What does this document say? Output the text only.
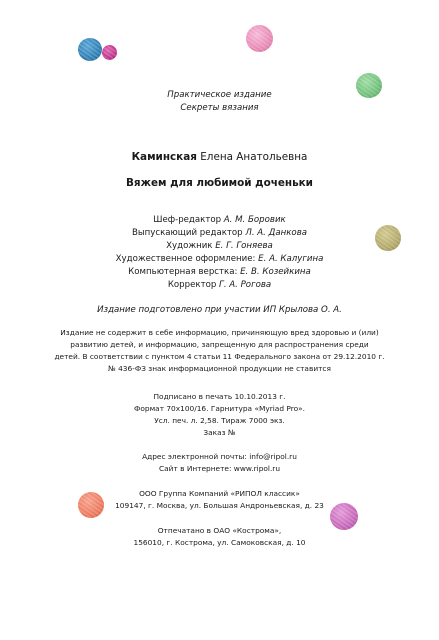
Практическое издание
Секреты вязания
Каминская Елена Анатольевна
Вяжем для любимой доченьки
Шеф-редактор А. М. Боровик
Выпускающий редактор Л. А. Данкова
Художник Е. Г. Гоняева
Художественное оформление: Е. А. Калугина
Компьютерная верстка: Е. В. Козейкина
Корректор Г. А. Рогова
Издание подготовлено при участии ИП Крылова О. А.
Издание не содержит в себе информацию, причиняющую вред здоровью и (или)
развитию детей, и информацию, запрещенную для распространения среди
детей. В соответствии с пунктом 4 статьи 11 Федерального закона от 29.12.2010 г.
№ 436-ФЗ знак информационной продукции не ставится
Подписано в печать 10.10.2013 г.
Формат 70x100/16. Гарнитура «Myriad Pro».
Усл. печ. л. 2,58. Тираж 7000 экз.
Заказ №
Адрес электронной почты: info@ripol.ru
Сайт в Интернете: www.ripol.ru
ООО Группа Компаний «РИПОЛ классик»
109147, г. Москва, ул. Большая Андроньевская, д. 23
Отпечатано в ОАО «Кострома»,
156010, г. Кострома, ул. Самоковская, д. 10
